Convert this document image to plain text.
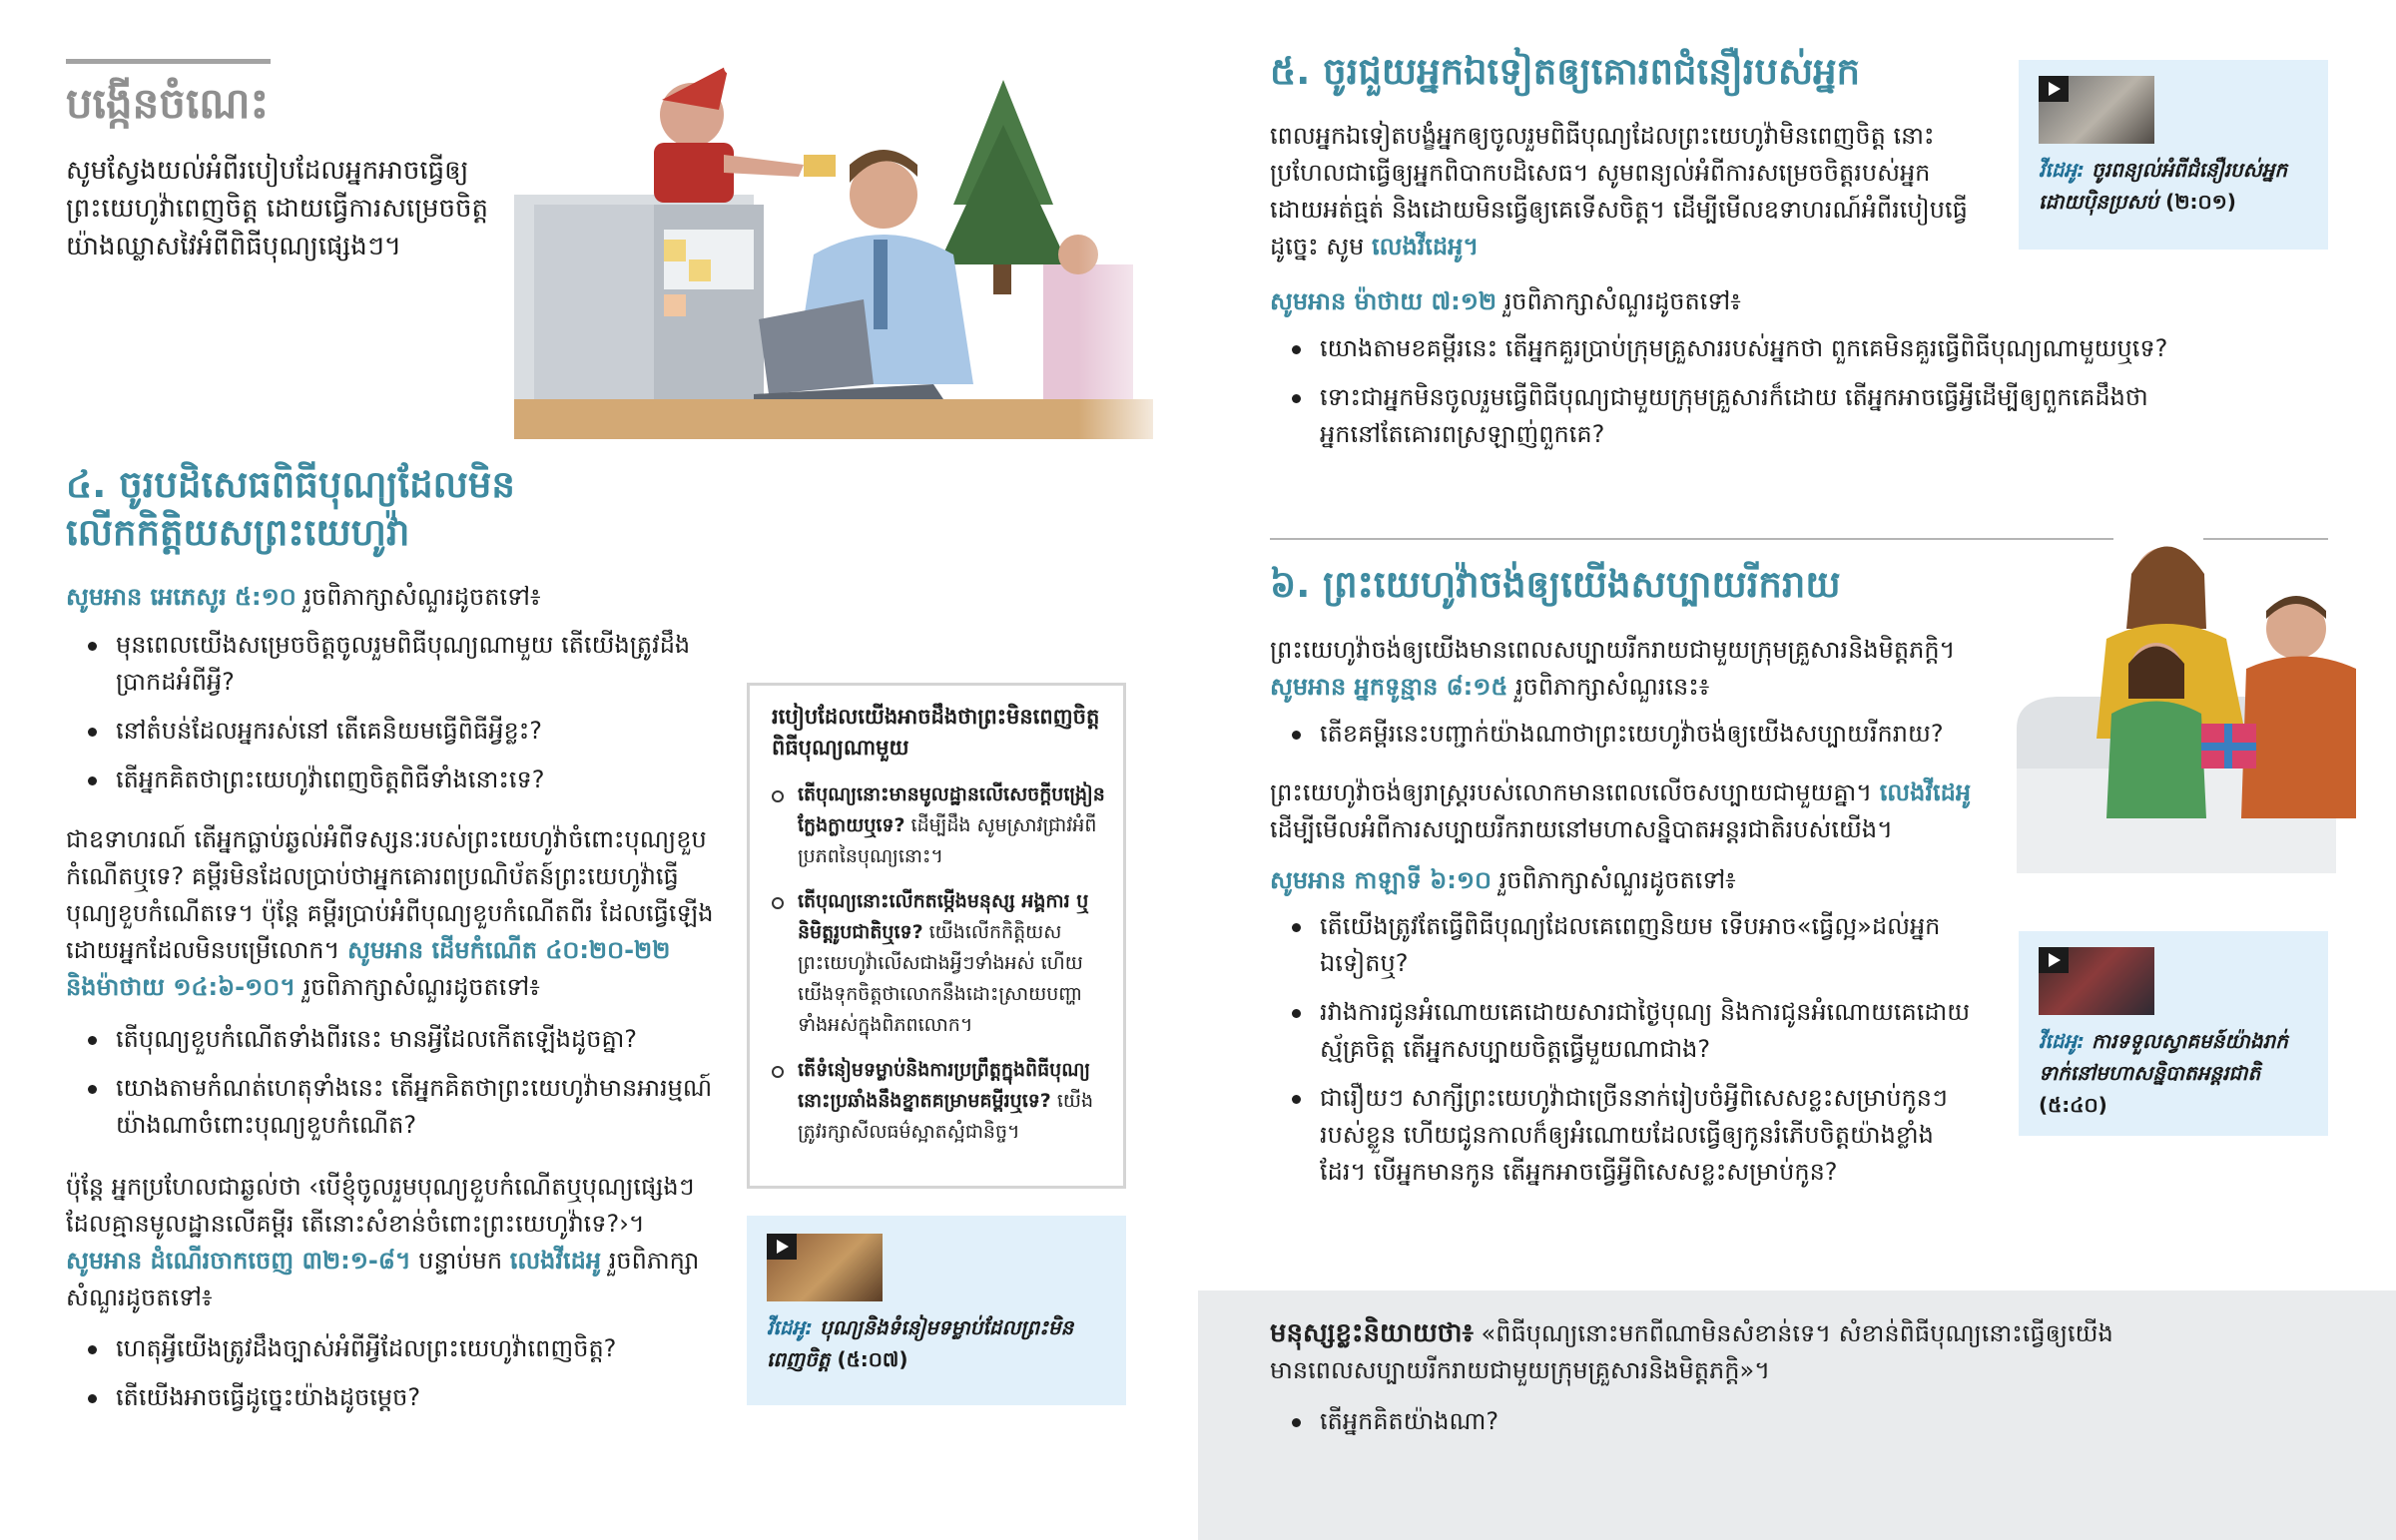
បង្កើនចំណេះ

សូមស្វែងយល់អំពីរបៀបដែលអ្នកអាចធ្វើឲ្យព្រះយេហូវ៉ាពេញចិត្ត ដោយធ្វើការសម្រេចចិត្តយ៉ាងឈ្លាសវៃអំពីពិធីបុណ្យផ្សេងៗ។

៤. ចូរបដិសេធពិធីបុណ្យដែលមិន
លើកកិត្តិយសព្រះយេហូវ៉ា

សូមអាន អេភេសូរ ៥:១០ រួចពិភាក្សាសំណួរដូចតទៅ៖

មុនពេលយើងសម្រេចចិត្តចូលរួមពិធីបុណ្យណាមួយ តើយើងត្រូវដឹងប្រាកដអំពីអ្វី?
នៅតំបន់ដែលអ្នករស់នៅ តើគេនិយមធ្វើពិធីអ្វីខ្លះ?
តើអ្នកគិតថាព្រះយេហូវ៉ាពេញចិត្តពិធីទាំងនោះទេ?

ជាឧទាហរណ៍ តើអ្នកធ្លាប់ឆ្ងល់អំពីទស្សនៈរបស់ព្រះយេហូវ៉ាចំពោះបុណ្យខួបកំណើតឬទេ? គម្ពីរមិនដែលប្រាប់ថាអ្នកគោរពប្រណិប័តន៍ព្រះយេហូវ៉ាធ្វើបុណ្យខួបកំណើតទេ។ ប៉ុន្តែ គម្ពីរប្រាប់អំពីបុណ្យខួបកំណើតពីរ ដែលធ្វើឡើងដោយអ្នកដែលមិនបម្រើលោក។ សូមអាន ដើមកំណើត ៤០:២០-២២ និងម៉ាថាយ ១៤:៦-១០។ រួចពិភាក្សាសំណួរដូចតទៅ៖

តើបុណ្យខួបកំណើតទាំងពីរនេះ មានអ្វីដែលកើតឡើងដូចគ្នា?
យោងតាមកំណត់ហេតុទាំងនេះ តើអ្នកគិតថាព្រះយេហូវ៉ាមានអារម្មណ៍យ៉ាងណាចំពោះបុណ្យខួបកំណើត?

ប៉ុន្តែ អ្នកប្រហែលជាឆ្ងល់ថា ‹បើខ្ញុំចូលរួមបុណ្យខួបកំណើតឬបុណ្យផ្សេងៗដែលគ្មានមូលដ្ឋានលើគម្ពីរ តើនោះសំខាន់ចំពោះព្រះយេហូវ៉ាទេ?›។ សូមអាន ដំណើរចាកចេញ ៣២:១-៨។ បន្ទាប់មក លេងវីដេអូ រួចពិភាក្សាសំណួរដូចតទៅ៖

ហេតុអ្វីយើងត្រូវដឹងច្បាស់អំពីអ្វីដែលព្រះយេហូវ៉ាពេញចិត្ត?
តើយើងអាចធ្វើដូច្នេះយ៉ាងដូចម្ដេច?
របៀបដែលយើងអាចដឹងថាព្រះមិនពេញចិត្តពិធីបុណ្យណាមួយ
តើបុណ្យនោះមានមូលដ្ឋានលើសេចក្ដីបង្រៀនក្លែងក្លាយឬទេ? ដើម្បីដឹង សូមស្រាវជ្រាវអំពីប្រភពនៃបុណ្យនោះ។
តើបុណ្យនោះលើកតម្កើងមនុស្ស អង្គការ ឬនិមិត្តរូបជាតិឬទេ? យើងលើកកិត្តិយសព្រះយេហូវ៉ាលើសជាងអ្វីៗទាំងអស់ ហើយយើងទុកចិត្តថាលោកនឹងដោះស្រាយបញ្ហាទាំងអស់ក្នុងពិភពលោក។
តើទំនៀមទម្លាប់និងការប្រព្រឹត្តក្នុងពិធីបុណ្យនោះប្រឆាំងនឹងខ្នាតគម្រាមគម្ពីរឬទេ? យើងត្រូវរក្សាសីលធម៌ស្អាតស្អំជានិច្ច។
វីដេអូ: បុណ្យនិងទំនៀមទម្លាប់ដែលព្រះមិនពេញចិត្ត (៥:០៧)
៥. ចូរជួយអ្នកឯទៀតឲ្យគោរពជំនឿរបស់អ្នក

ពេលអ្នកឯទៀតបង្ខំអ្នកឲ្យចូលរួមពិធីបុណ្យដែលព្រះយេហូវ៉ាមិនពេញចិត្ត នោះប្រហែលជាធ្វើឲ្យអ្នកពិបាកបដិសេធ។ សូមពន្យល់អំពីការសម្រេចចិត្តរបស់អ្នកដោយអត់ធ្មត់ និងដោយមិនធ្វើឲ្យគេទើសចិត្ត។ ដើម្បីមើលឧទាហរណ៍អំពីរបៀបធ្វើដូច្នេះ សូម លេងវីដេអូ។

សូមអាន ម៉ាថាយ ៧:១២ រួចពិភាក្សាសំណួរដូចតទៅ៖

យោងតាមខគម្ពីរនេះ តើអ្នកគួរប្រាប់ក្រុមគ្រួសាររបស់អ្នកថា ពួកគេមិនគួរធ្វើពិធីបុណ្យណាមួយឬទេ?
ទោះជាអ្នកមិនចូលរួមធ្វើពិធីបុណ្យជាមួយក្រុមគ្រួសារក៏ដោយ តើអ្នកអាចធ្វើអ្វីដើម្បីឲ្យពួកគេដឹងថាអ្នកនៅតែគោរពស្រឡាញ់ពួកគេ?
វីដេអូ: ចូរពន្យល់អំពីជំនឿរបស់អ្នកដោយប៉ិនប្រសប់ (២:០១)
៦. ព្រះយេហូវ៉ាចង់ឲ្យយើងសប្បាយរីករាយ

ព្រះយេហូវ៉ាចង់ឲ្យយើងមានពេលសប្បាយរីករាយជាមួយក្រុមគ្រួសារនិងមិត្តភក្ដិ។
សូមអាន អ្នកទូន្មាន ៨:១៥ រួចពិភាក្សាសំណួរនេះ៖

តើខគម្ពីរនេះបញ្ជាក់យ៉ាងណាថាព្រះយេហូវ៉ាចង់ឲ្យយើងសប្បាយរីករាយ?

ព្រះយេហូវ៉ាចង់ឲ្យរាស្ត្ររបស់លោកមានពេលលើចសប្បាយជាមួយគ្នា។ លេងវីដេអូ ដើម្បីមើលអំពីការសប្បាយរីករាយនៅមហាសន្និបាតអន្តរជាតិរបស់យើង។

សូមអាន កាឡាទី ៦:១០ រួចពិភាក្សាសំណួរដូចតទៅ៖

តើយើងត្រូវតែធ្វើពិធីបុណ្យដែលគេពេញនិយម ទើបអាច«ធ្វើល្អ»ដល់អ្នកឯទៀតឬ?
រវាងការជូនអំណោយគេដោយសារជាថ្ងៃបុណ្យ និងការជូនអំណោយគេដោយស្ម័គ្រចិត្ត តើអ្នកសប្បាយចិត្តធ្វើមួយណាជាង?
ជារឿយៗ សាក្សីព្រះយេហូវ៉ាជាច្រើននាក់រៀបចំអ្វីពិសេសខ្លះសម្រាប់កូនៗរបស់ខ្លួន ហើយជូនកាលក៏ឲ្យអំណោយដែលធ្វើឲ្យកូនរំភើបចិត្តយ៉ាងខ្លាំងដែរ។ បើអ្នកមានកូន តើអ្នកអាចធ្វើអ្វីពិសេសខ្លះសម្រាប់កូន?
វីដេអូ: ការទទួលស្វាគមន៍យ៉ាងរាក់ទាក់នៅមហាសន្និបាតអន្តរជាតិ (៥:៤០)

មនុស្សខ្លះនិយាយថា៖ «ពិធីបុណ្យនោះមកពីណាមិនសំខាន់ទេ។ សំខាន់ពិធីបុណ្យនោះធ្វើឲ្យយើងមានពេលសប្បាយរីករាយជាមួយក្រុមគ្រួសារនិងមិត្តភក្ដិ»។

តើអ្នកគិតយ៉ាងណា?
